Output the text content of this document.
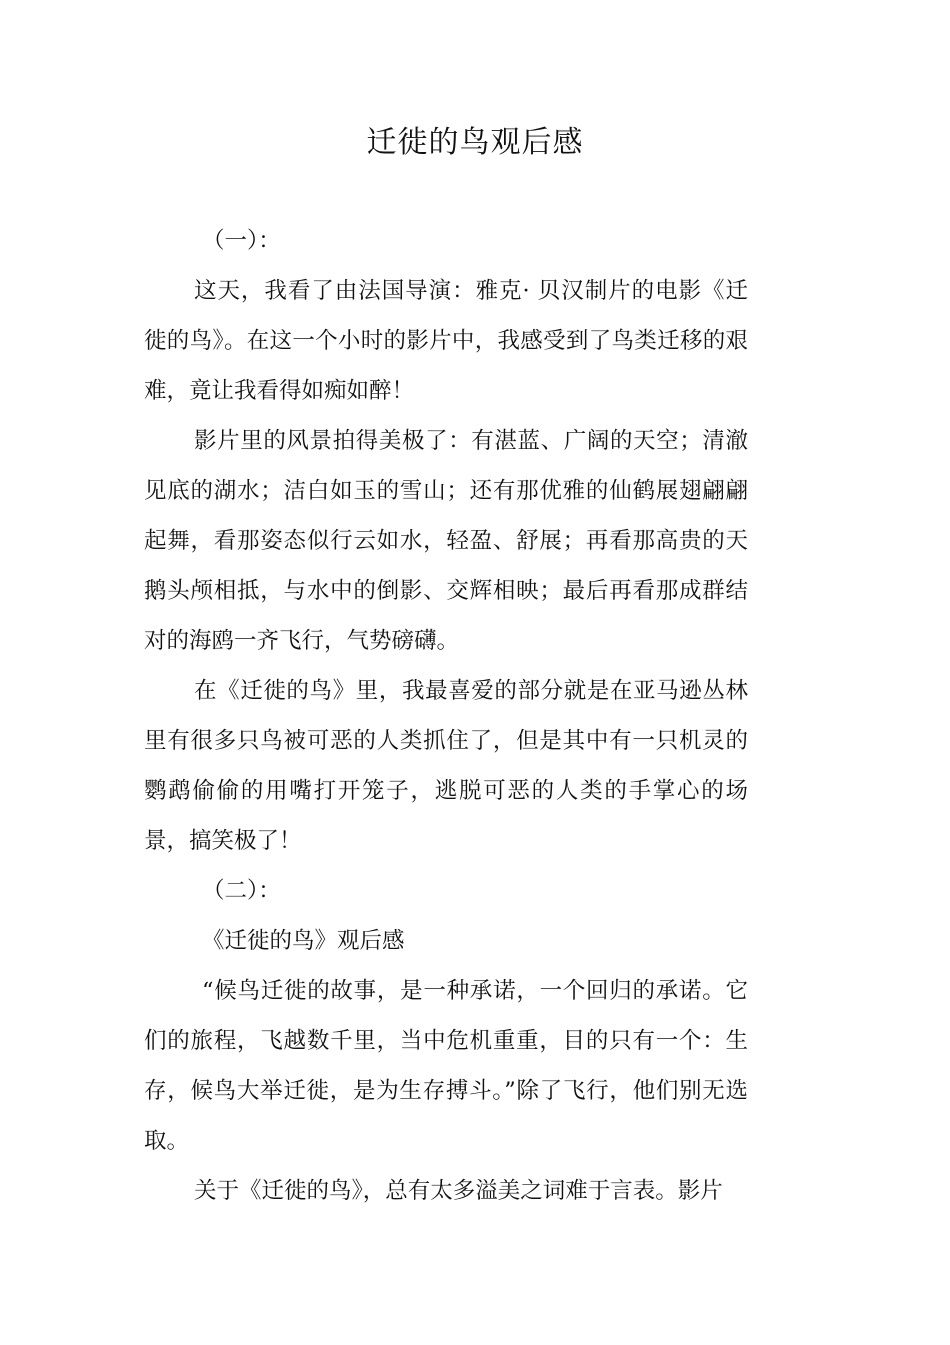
迁徙的鸟观后感

（一）：

这天，我看了由法国导演：雅克· 贝汉制片的电影《迁徙的鸟》。在这一个小时的影片中，我感受到了鸟类迁移的艰难，竟让我看得如痴如醉！

影片里的风景拍得美极了：有湛蓝、广阔的天空；清澈见底的湖水；洁白如玉的雪山；还有那优雅的仙鹤展翅翩翩起舞，看那姿态似行云如水，轻盈、舒展；再看那高贵的天鹅头颅相抵，与水中的倒影、交辉相映；最后再看那成群结对的海鸥一齐飞行，气势磅礴。

在《迁徙的鸟》里，我最喜爱的部分就是在亚马逊丛林里有很多只鸟被可恶的人类抓住了，但是其中有一只机灵的鹦鹉偷偷的用嘴打开笼子，逃脱可恶的人类的手掌心的场景，搞笑极了！

（二）：

《迁徙的鸟》观后感

“候鸟迁徙的故事，是一种承诺，一个回归的承诺。它们的旅程，飞越数千里，当中危机重重，目的只有一个：生存，候鸟大举迁徙，是为生存搏斗。”除了飞行，他们别无选取。

关于《迁徙的鸟》，总有太多溢美之词难于言表。影片
